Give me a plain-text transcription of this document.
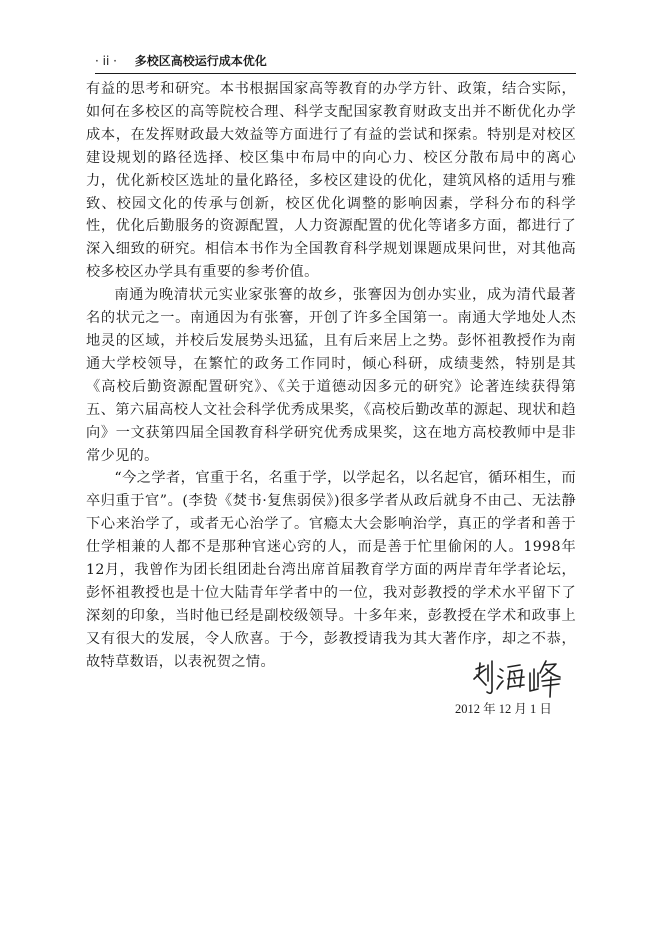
· ii · 多校区高校运行成本优化

有益的思考和研究。本书根据国家高等教育的办学方针、政策，结合实际，如何在多校区的高等院校合理、科学支配国家教育财政支出并不断优化办学成本，在发挥财政最大效益等方面进行了有益的尝试和探索。特别是对校区建设规划的路径选择、校区集中布局中的向心力、校区分散布局中的离心力，优化新校区选址的量化路径，多校区建设的优化，建筑风格的适用与雅致、校园文化的传承与创新，校区优化调整的影响因素，学科分布的科学性，优化后勤服务的资源配置，人力资源配置的优化等诸多方面，都进行了深入细致的研究。相信本书作为全国教育科学规划课题成果问世，对其他高校多校区办学具有重要的参考价值。

南通为晚清状元实业家张謇的故乡，张謇因为创办实业，成为清代最著名的状元之一。南通因为有张謇，开创了许多全国第一。南通大学地处人杰地灵的区域，并校后发展势头迅猛，且有后来居上之势。彭怀祖教授作为南通大学校领导，在繁忙的政务工作同时，倾心科研，成绩斐然，特别是其《高校后勤资源配置研究》、《关于道德动因多元的研究》论著连续获得第五、第六届高校人文社会科学优秀成果奖，《高校后勤改革的源起、现状和趋向》一文获第四届全国教育科学研究优秀成果奖，这在地方高校教师中是非常少见的。

“今之学者，官重于名，名重于学，以学起名，以名起官，循环相生，而卒归重于官”。(李贽《焚书·复焦弱侯》)很多学者从政后就身不由己、无法静下心来治学了，或者无心治学了。官瘾太大会影响治学，真正的学者和善于仕学相兼的人都不是那种官迷心窍的人，而是善于忙里偷闲的人。1998年12月，我曾作为团长组团赴台湾出席首届教育学方面的两岸青年学者论坛，彭怀祖教授也是十位大陆青年学者中的一位，我对彭教授的学术水平留下了深刻的印象，当时他已经是副校级领导。十多年来，彭教授在学术和政事上又有很大的发展，令人欣喜。于今，彭教授请我为其大著作序，却之不恭，故特草数语，以表祝贺之情。

2012 年 12 月 1 日
